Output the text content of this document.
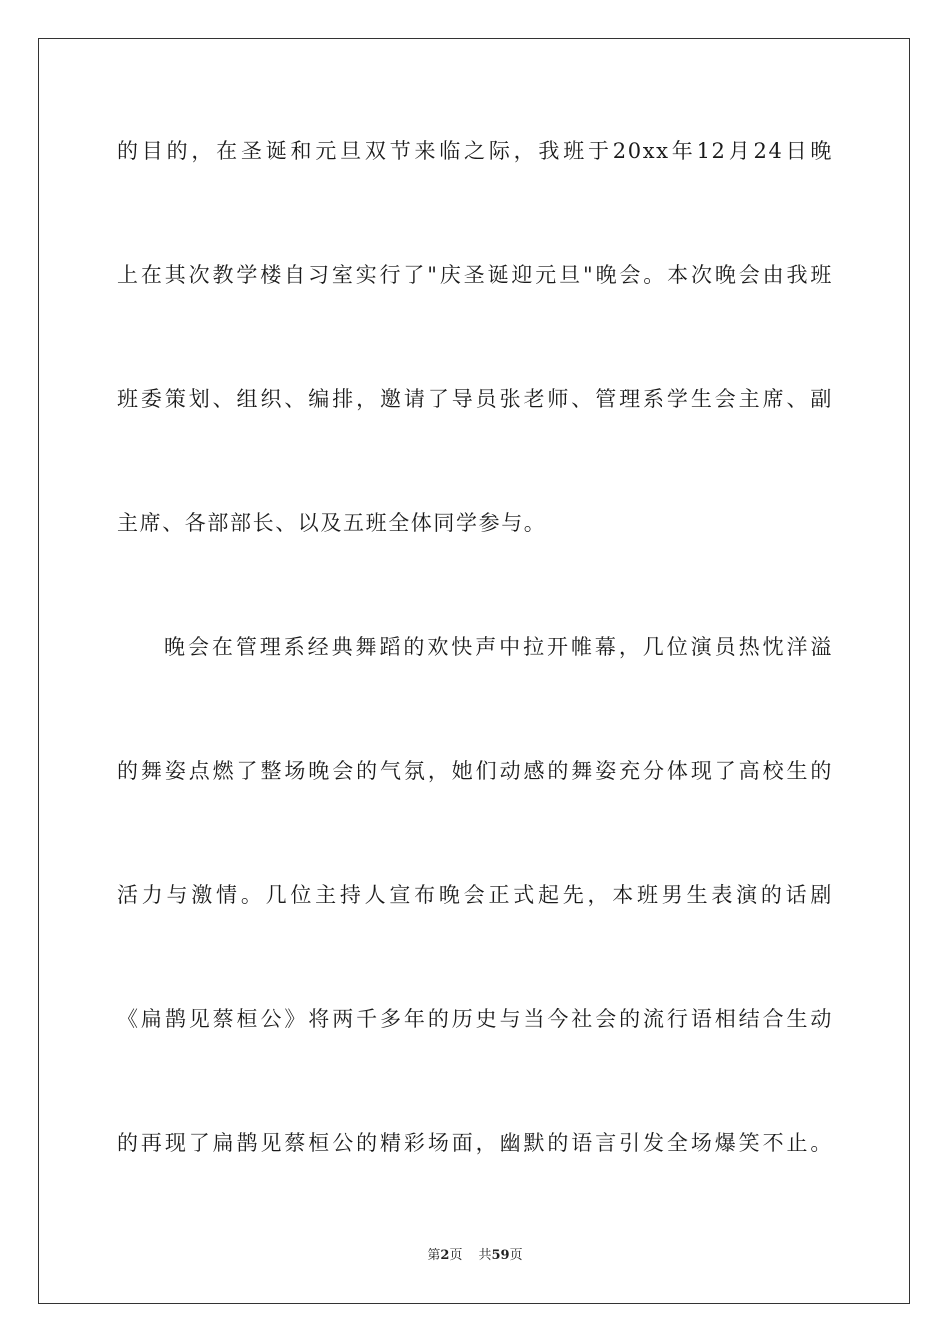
的目的，在圣诞和元旦双节来临之际，我班于20xx年12月24日晚
上在其次教学楼自习室实行了"庆圣诞迎元旦"晚会。本次晚会由我班
班委策划、组织、编排，邀请了导员张老师、管理系学生会主席、副
主席、各部部长、以及五班全体同学参与。
晚会在管理系经典舞蹈的欢快声中拉开帷幕，几位演员热忱洋溢
的舞姿点燃了整场晚会的气氛，她们动感的舞姿充分体现了高校生的
活力与激情。几位主持人宣布晚会正式起先，本班男生表演的话剧
《扁鹊见蔡桓公》将两千多年的历史与当今社会的流行语相结合生动
的再现了扁鹊见蔡桓公的精彩场面，幽默的语言引发全场爆笑不止。
第2页 共59页
